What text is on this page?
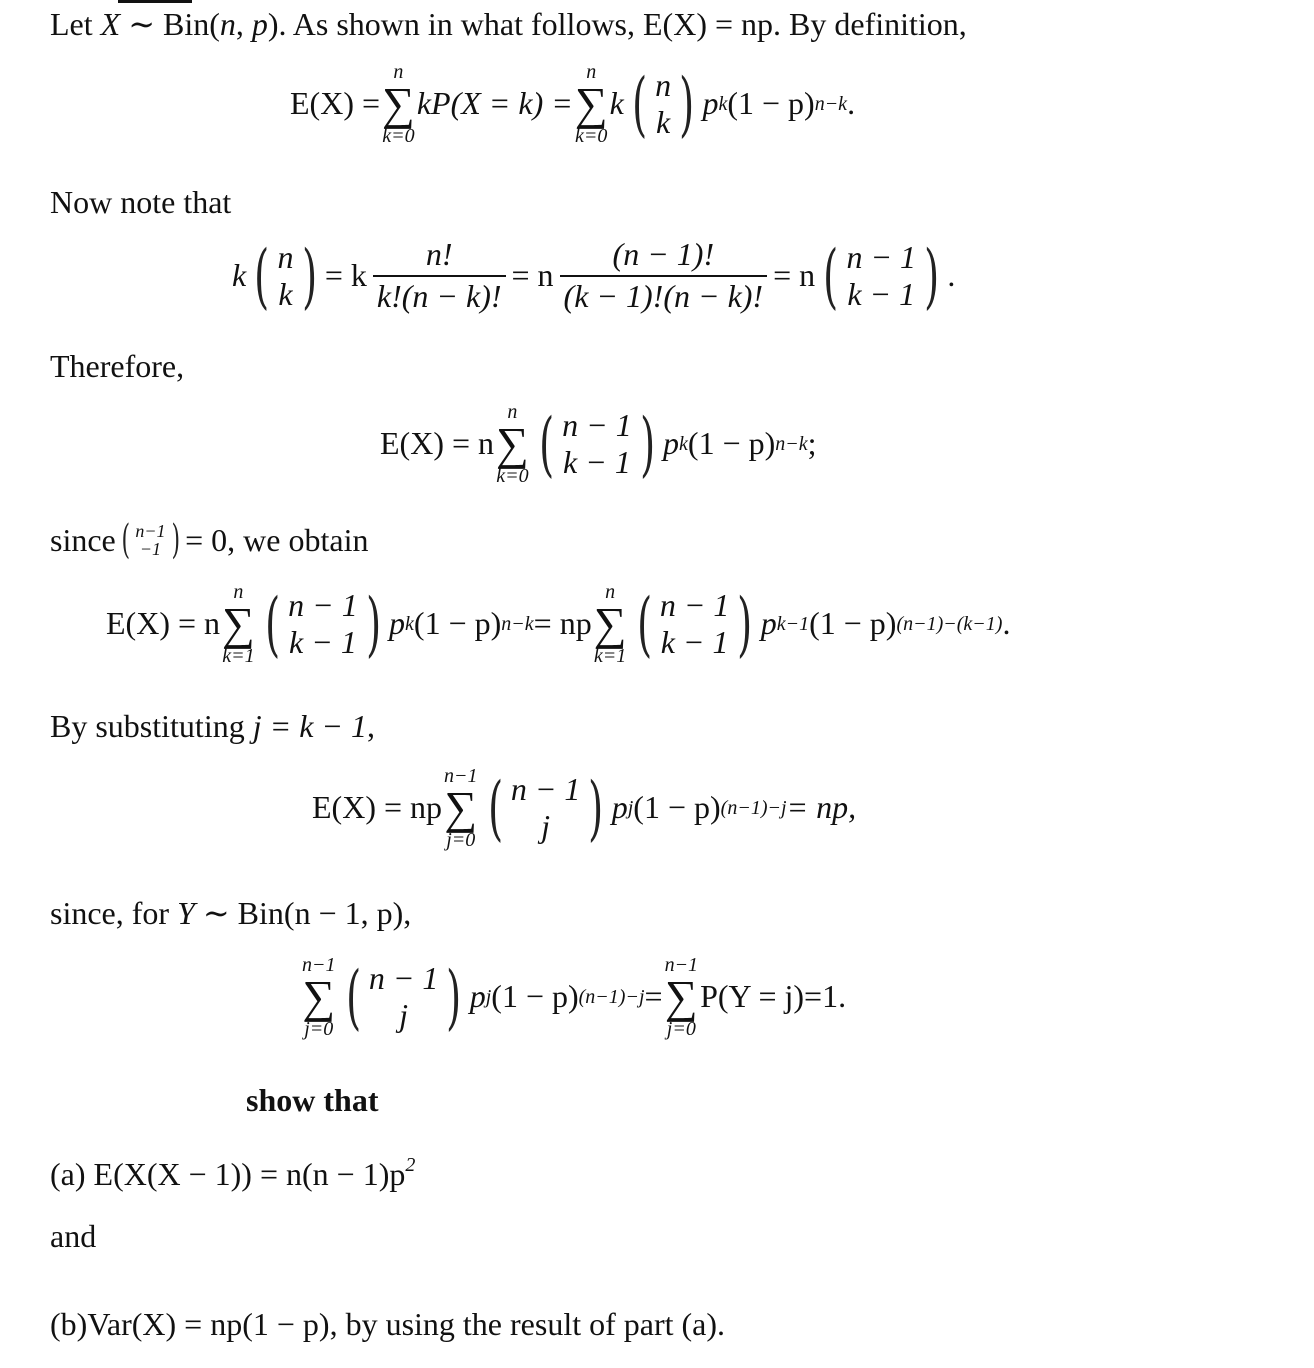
Let X ∼ Bin(n, p). As shown in what follows, E(X) = np. By definition,
E(X) =
n
∑
k=0
kP(X = k) =
n
∑
k=0
k ( n
k ) p k (1 − p) n−k .
Now note that
k ( n
k ) = k $\frac{n!}{k!(n - k)!} = n \frac{(n - 1)!}{(k - 1)!(n - k)!} = n$ ( n − 1
k − 1 ) .
Therefore,
E(X) = n
n
∑
k=0 ( n − 1
k − 1 ) p k (1 − p) n−k ;
since ( n−1
−1 ) = 0, we obtain
E(X) = n
n
∑
k=1 ( n − 1
k − 1 ) p k (1 − p) n−k = np
n
∑
k=1 ( n − 1
k − 1 ) p k−1 (1 − p) (n−1)−(k−1) .
By substituting j = k − 1,
E(X) = np
n−1
∑
j=0 ( n − 1
j ) p j (1 − p) (n−1)−j = np,
since, for Y ∼ Bin(n − 1, p),
n−1
∑
j=0 ( n − 1
j ) p j (1 − p) (n−1)−j =
n−1
∑
j=0
P(Y = j)=1.
show that
(a) $E(X(X - 1)) = n(n - 1)p^2$
and
(b)Var(X) = np(1 − p), by using the result of part (a).
